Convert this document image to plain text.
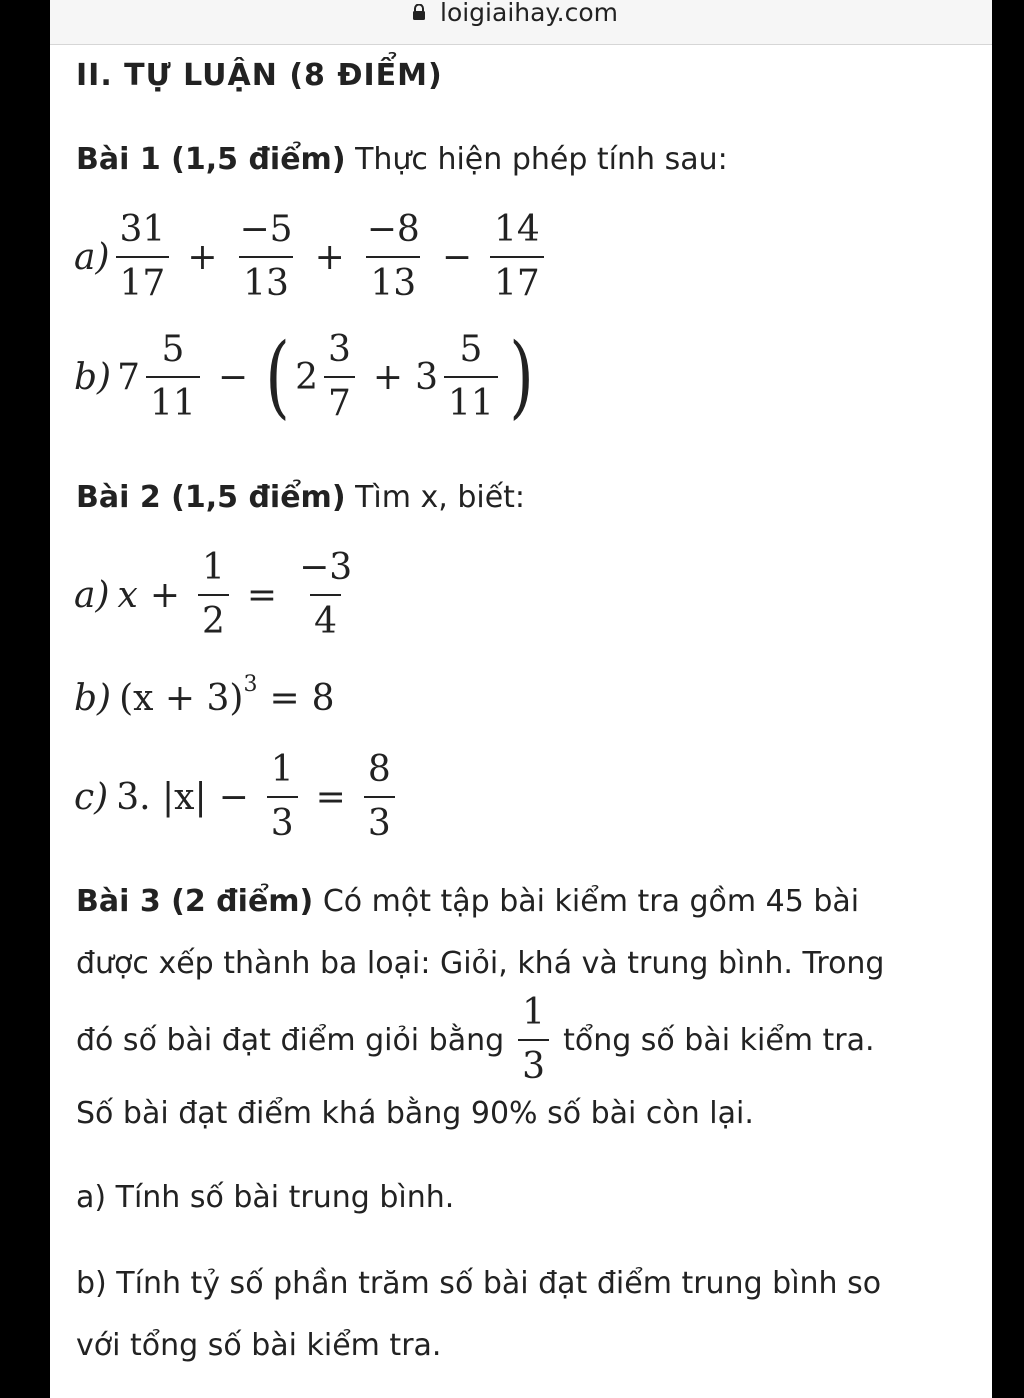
loigiaihay.com
II. TỰ LUẬN (8 ĐIỂM)
Bài 1 (1,5 điểm) Thực hiện phép tính sau:
$a) \frac{31}{17} + \frac{-5}{13} + \frac{-8}{13} - \frac{14}{17}$
b) $7 \frac{5}{11}$ − ( $2 \frac{3}{7} + 3 \frac{5}{11}$ )
Bài 2 (1,5 điểm) Tìm x, biết:
a) $x + \frac{1}{2} = \frac{-3}{4}$
b) $(x + 3)^3 = 8$
c) 3. $|x| - \frac{1}{3} = \frac{8}{3}$
Bài 3 (2 điểm) Có một tập bài kiểm tra gồm 45 bài
được xếp thành ba loại: Giỏi, khá và trung bình. Trong
đó số bài đạt điểm giỏi bằng $\frac{1}{3}$ tổng số bài kiểm tra.
Số bài đạt điểm khá bằng 90% số bài còn lại.
a) Tính số bài trung bình.
b) Tính tỷ số phần trăm số bài đạt điểm trung bình so
với tổng số bài kiểm tra.
